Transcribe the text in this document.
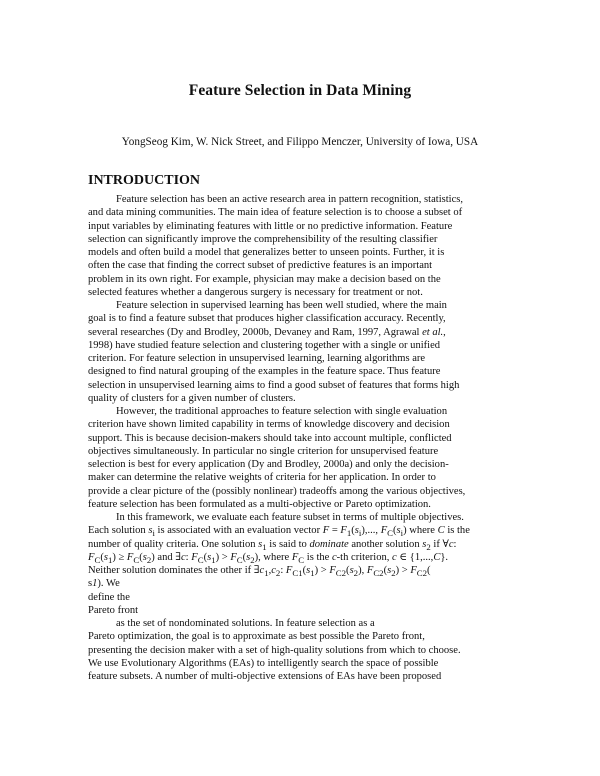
Feature Selection in Data Mining
YongSeog Kim, W. Nick Street, and Filippo Menczer, University of Iowa, USA
INTRODUCTION
Feature selection has been an active research area in pattern recognition, statistics,
and data mining communities. The main idea of feature selection is to choose a subset of
input variables by eliminating features with little or no predictive information. Feature
selection can significantly improve the comprehensibility of the resulting classifier
models and often build a model that generalizes better to unseen points. Further, it is
often the case that finding the correct subset of predictive features is an important
problem in its own right. For example, physician may make a decision based on the
selected features whether a dangerous surgery is necessary for treatment or not.
Feature selection in supervised learning has been well studied, where the main
goal is to find a feature subset that produces higher classification accuracy. Recently,
several researches (Dy and Brodley, 2000b, Devaney and Ram, 1997, Agrawal et al.,
1998) have studied feature selection and clustering together with a single or unified
criterion. For feature selection in unsupervised learning, learning algorithms are
designed to find natural grouping of the examples in the feature space. Thus feature
selection in unsupervised learning aims to find a good subset of features that forms high
quality of clusters for a given number of clusters.
However, the traditional approaches to feature selection with single evaluation
criterion have shown limited capability in terms of knowledge discovery and decision
support. This is because decision-makers should take into account multiple, conflicted
objectives simultaneously. In particular no single criterion for unsupervised feature
selection is best for every application (Dy and Brodley, 2000a) and only the decision-
maker can determine the relative weights of criteria for her application. In order to
provide a clear picture of the (possibly nonlinear) tradeoffs among the various objectives,
feature selection has been formulated as a multi-objective or Pareto optimization.
In this framework, we evaluate each feature subset in terms of multiple objectives.
Each solution $s_i$ is associated with an evaluation vector $F = F_1(s_i)$,..., $F_C(s_i)$ where C is the
number of quality criteria. One solution $s_1$ is said to dominate another solution $s_2$ if ∀c:
$F_C(s_1) \ge F_C(s_2)$ and ∃c: $F_C(s_1) > F_C(s_2)$, where $F_C$ is the c-th criterion, c ∈ {1,...,C}.
Neither solution dominates the other if $\exists c_1,c_2$: $F_{C1}(s_1) > F_{C2}(s_2)$, $F_{C2}(s_2) > F_{C2}$(
s1). We
define the
Pareto front
as the set of nondominated solutions. In feature selection as a
Pareto optimization, the goal is to approximate as best possible the Pareto front,
presenting the decision maker with a set of high-quality solutions from which to choose.
We use Evolutionary Algorithms (EAs) to intelligently search the space of possible
feature subsets. A number of multi-objective extensions of EAs have been proposed
